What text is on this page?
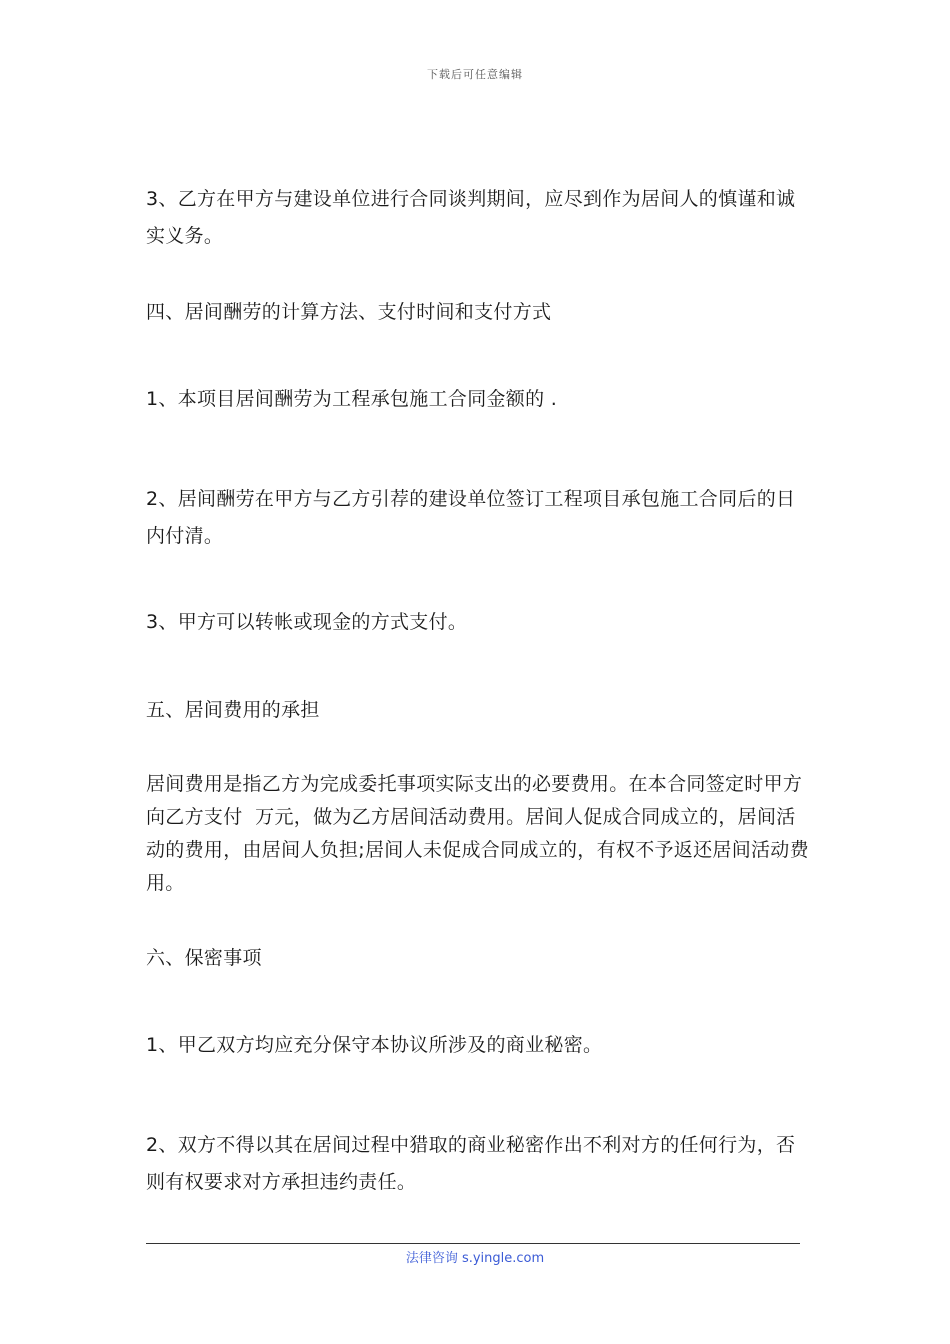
下载后可任意编辑

3、乙方在甲方与建设单位进行合同谈判期间，应尽到作为居间人的慎谨和诚实义务。

四、居间酬劳的计算方法、支付时间和支付方式

1、本项目居间酬劳为工程承包施工合同金额的 .

2、居间酬劳在甲方与乙方引荐的建设单位签订工程项目承包施工合同后的日内付清。

3、甲方可以转帐或现金的方式支付。

五、居间费用的承担

居间费用是指乙方为完成委托事项实际支出的必要费用。在本合同签定时甲方向乙方支付  万元，做为乙方居间活动费用。居间人促成合同成立的，居间活动的费用，由居间人负担;居间人未促成合同成立的，有权不予返还居间活动费用。

六、保密事项

1、甲乙双方均应充分保守本协议所涉及的商业秘密。

2、双方不得以其在居间过程中猎取的商业秘密作出不利对方的任何行为，否则有权要求对方承担违约责任。

法律咨询 s.yingle.com
